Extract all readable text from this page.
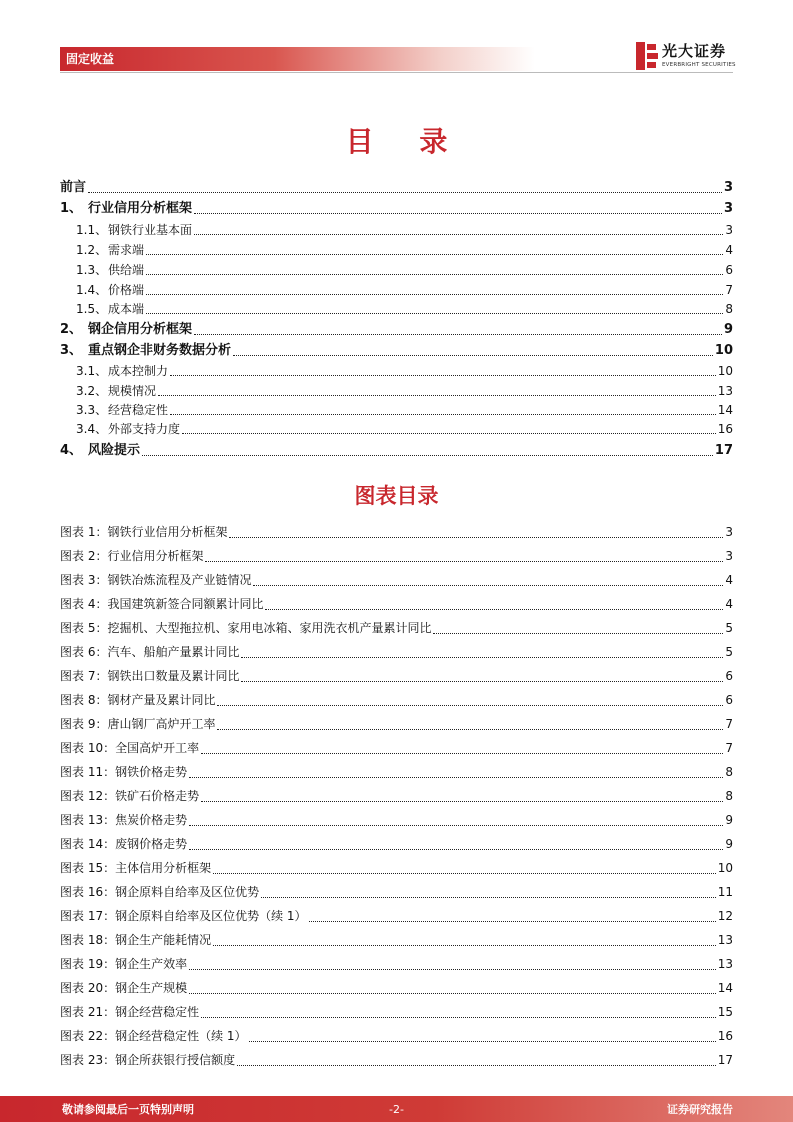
固定收益	光大证券
EVERBRIGHT SECURITIES
目 录
前言	3
1、 行业信用分析框架	3
1.1、钢铁行业基本面	3
1.2、需求端	4
1.3、供给端	6
1.4、价格端	7
1.5、成本端	8
2、 钢企信用分析框架	9
3、 重点钢企非财务数据分析	10
3.1、成本控制力	10
3.2、规模情况	13
3.3、经营稳定性	14
3.4、外部支持力度	16
4、 风险提示	17
图表目录
图表 1：钢铁行业信用分析框架	3
图表 2：行业信用分析框架	3
图表 3：钢铁冶炼流程及产业链情况	4
图表 4：我国建筑新签合同额累计同比	4
图表 5：挖掘机、大型拖拉机、家用电冰箱、家用洗衣机产量累计同比	5
图表 6：汽车、船舶产量累计同比	5
图表 7：钢铁出口数量及累计同比	6
图表 8：钢材产量及累计同比	6
图表 9：唐山钢厂高炉开工率	7
图表 10：全国高炉开工率	7
图表 11：钢铁价格走势	8
图表 12：铁矿石价格走势	8
图表 13：焦炭价格走势	9
图表 14：废钢价格走势	9
图表 15：主体信用分析框架	10
图表 16：钢企原料自给率及区位优势	11
图表 17：钢企原料自给率及区位优势（续 1）	12
图表 18：钢企生产能耗情况	13
图表 19：钢企生产效率	13
图表 20：钢企生产规模	14
图表 21：钢企经营稳定性	15
图表 22：钢企经营稳定性（续 1）	16
图表 23：钢企所获银行授信额度	17
敬请参阅最后一页特别声明	-2-	证券研究报告
